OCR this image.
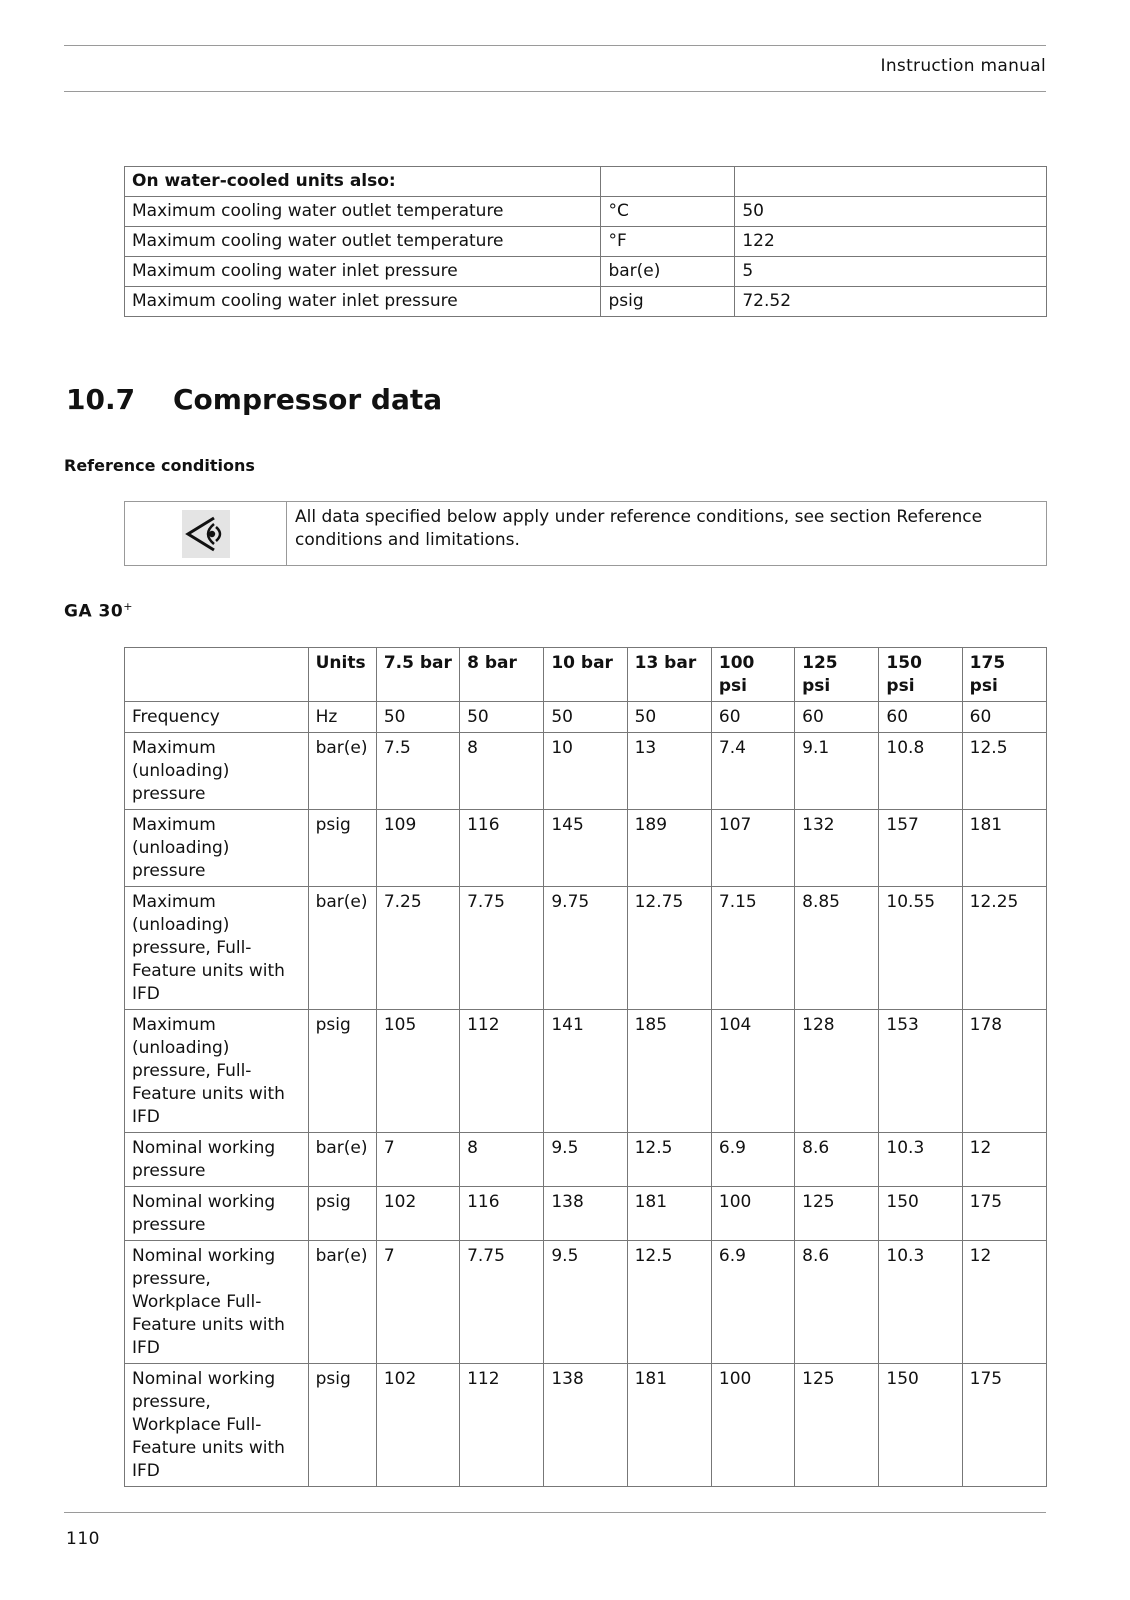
Instruction manual
On water-cooled units also:		
Maximum cooling water outlet temperature	°C	50
Maximum cooling water outlet temperature	°F	122
Maximum cooling water inlet pressure	bar(e)	5
Maximum cooling water inlet pressure	psig	72.52
10.7 Compressor data
Reference conditions
All data specified below apply under reference conditions, see section Reference conditions and limitations.
GA 30+
	Units	7.5 bar	8 bar	10 bar	13 bar	100 psi	125 psi	150 psi	175 psi
Frequency	Hz	50	50	50	50	60	60	60	60
Maximum (unloading) pressure	bar(e)	7.5	8	10	13	7.4	9.1	10.8	12.5
Maximum (unloading) pressure	psig	109	116	145	189	107	132	157	181
Maximum (unloading) pressure, Full-Feature units with IFD	bar(e)	7.25	7.75	9.75	12.75	7.15	8.85	10.55	12.25
Maximum (unloading) pressure, Full-Feature units with IFD	psig	105	112	141	185	104	128	153	178
Nominal working pressure	bar(e)	7	8	9.5	12.5	6.9	8.6	10.3	12
Nominal working pressure	psig	102	116	138	181	100	125	150	175
Nominal working pressure, Workplace Full-Feature units with IFD	bar(e)	7	7.75	9.5	12.5	6.9	8.6	10.3	12
Nominal working pressure, Workplace Full-Feature units with IFD	psig	102	112	138	181	100	125	150	175
110
